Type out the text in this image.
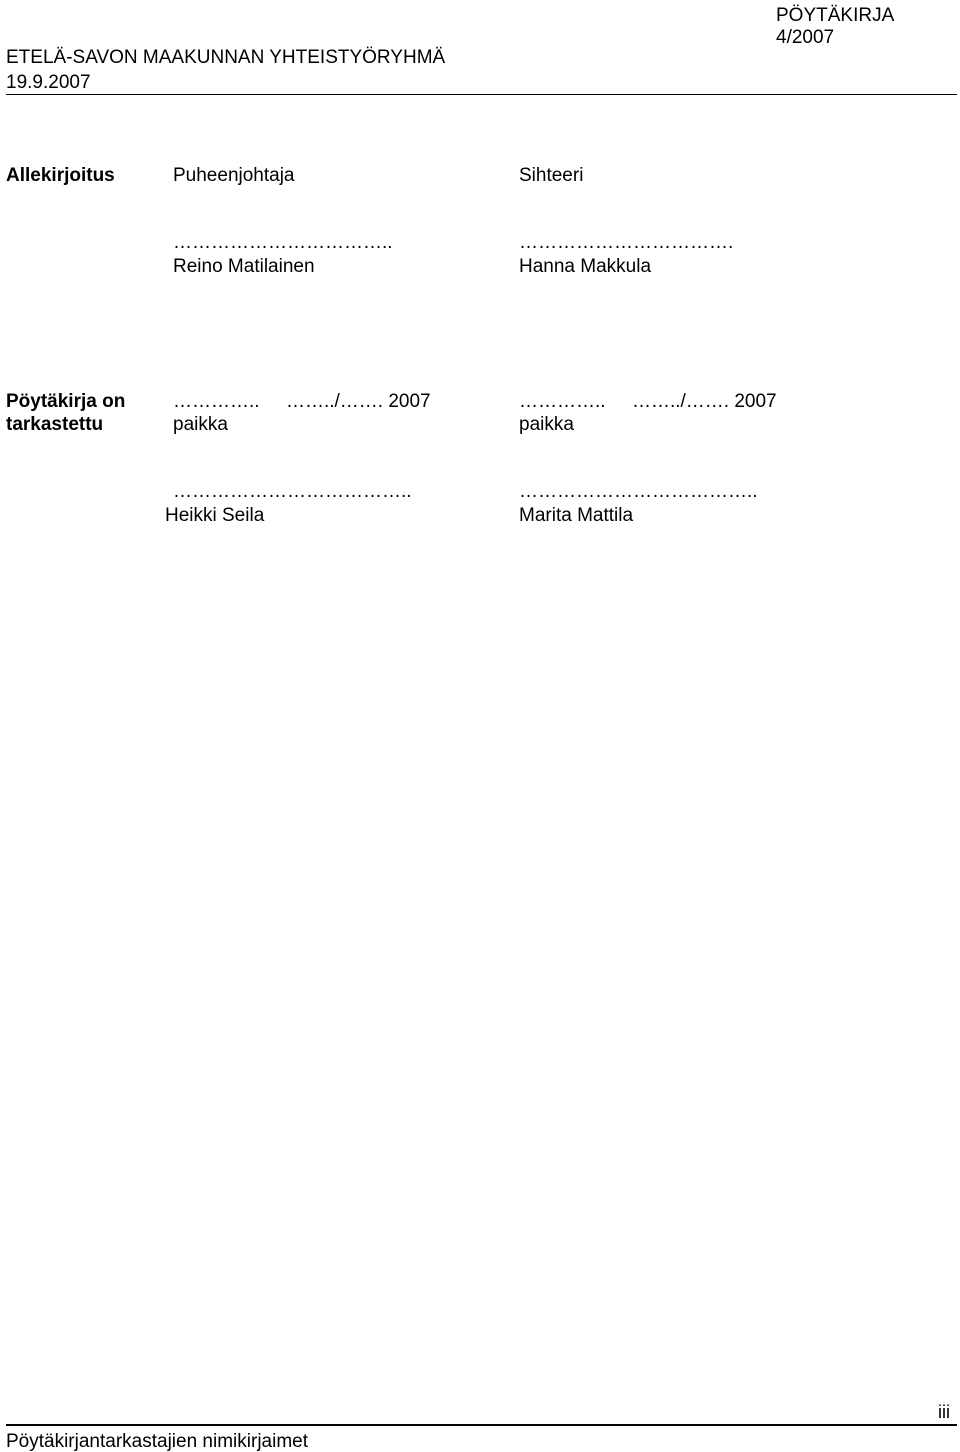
PÖYTÄKIRJA
4/2007
ETELÄ-SAVON MAAKUNNAN YHTEISTYÖRYHMÄ
19.9.2007
Allekirjoitus	Puheenjohtaja	Sihteeri
……………………………..
Reino Matilainen
…………………………….
Hanna Makkula
Pöytäkirja on
tarkastettu
…………..     ……../……. 2007
paikka
…………..     ……../……. 2007
paikka
………………………………..
Heikki Seila
………………………………..
Marita Mattila
iii
Pöytäkirjantarkastajien nimikirjaimet
